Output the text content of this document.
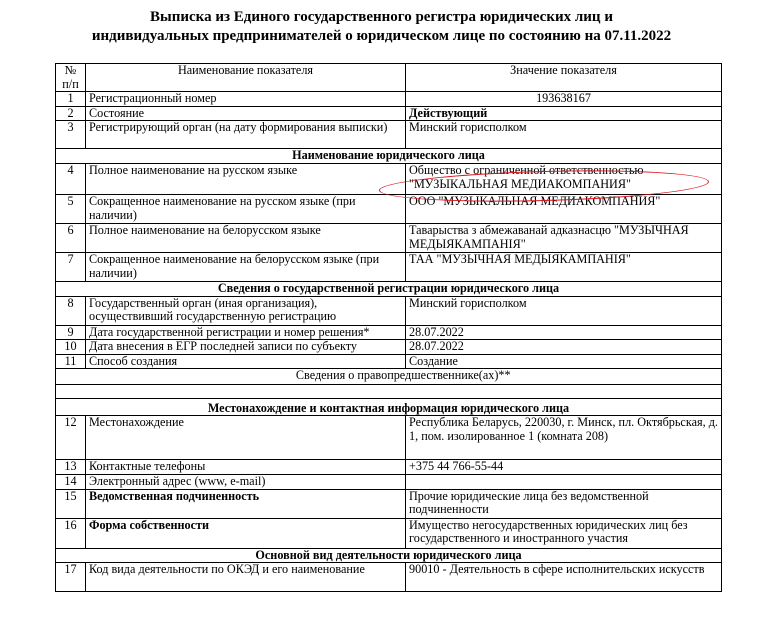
Выписка из Единого государственного регистра юридических лиц и
индивидуальных предпринимателей о юридическом лице по состоянию на 07.11.2022
№
п/п	Наименование показателя	Значение показателя
1	Регистрационный номер	193638167
2	Состояние	Действующий
3	Регистрирующий орган (на дату формирования выписки)	Минский горисполком
Наименование юридического лица		
4	Полное наименование на русском языке	Общество с ограниченной ответственностью "МУЗЫКАЛЬНАЯ МЕДИАКОМПАНИЯ"
5	Сокращенное наименование на русском языке (при наличии)	ООО "МУЗЫКАЛЬНАЯ МЕДИАКОМПАНИЯ"
6	Полное наименование на белорусском языке	Таварыства з абмежаванай адказнасцю "МУЗЫЧНАЯ МЕДЫЯКАМПАНIЯ"
7	Сокращенное наименование на белорусском языке (при наличии)	ТАА "МУЗЫЧНАЯ МЕДЫЯКАМПАНIЯ"
Сведения о государственной регистрации юридического лица		
8	Государственный орган (иная организация), осуществивший государственную регистрацию	Минский горисполком
9	Дата государственной регистрации и номер решения*	28.07.2022
10	Дата внесения в ЕГР последней записи по субъекту	28.07.2022
11	Способ создания	Создание
	Сведения о правопредшественнике(ах)**	

Местонахождение и контактная информация юридического лица		
12	Местонахождение	Республика Беларусь, 220030, г. Минск, пл. Октябрьская, д. 1, пом. изолированное 1 (комната 208)
13	Контактные телефоны	+375 44 766-55-44
14	Электронный адрес (www, e-mail)	
15	Ведомственная подчиненность	Прочие юридические лица без ведомственной подчиненности
16	Форма собственности	Имущество негосударственных юридических лиц без государственного и иностранного участия
Основной вид деятельности юридического лица		
17	Код вида деятельности по ОКЭД и его наименование	90010 - Деятельность в сфере исполнительских искусств
